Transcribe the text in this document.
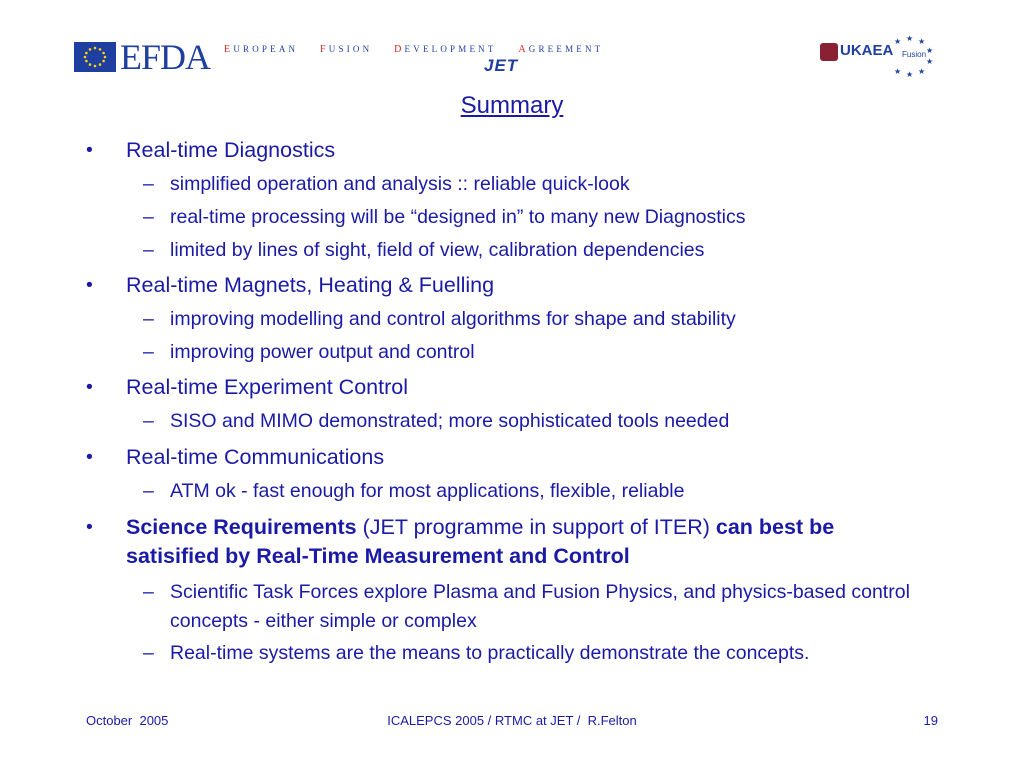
EFDA EUROPEAN FUSION DEVELOPMENT AGREEMENT
JET
UKAEA Fusion
★ ★
★
★
★
★
★
★
Summary
• Real-time Diagnostics
– simplified operation and analysis :: reliable quick-look
– real-time processing will be “designed in” to many new Diagnostics
– limited by lines of sight, field of view, calibration dependencies
• Real-time Magnets, Heating & Fuelling
– improving modelling and control algorithms for shape and stability
– improving power output and control
• Real-time Experiment Control
– SISO and MIMO demonstrated; more sophisticated tools needed
• Real-time Communications
– ATM ok - fast enough for most applications, flexible, reliable
• Science Requirements (JET programme in support of ITER) can best be satisified by Real-Time Measurement and Control
– Scientific Task Forces explore Plasma and Fusion Physics, and physics-based control concepts - either simple or complex
– Real-time systems are the means to practically demonstrate the concepts.
October  2005	ICALEPCS 2005 / RTMC at JET /  R.Felton	19
